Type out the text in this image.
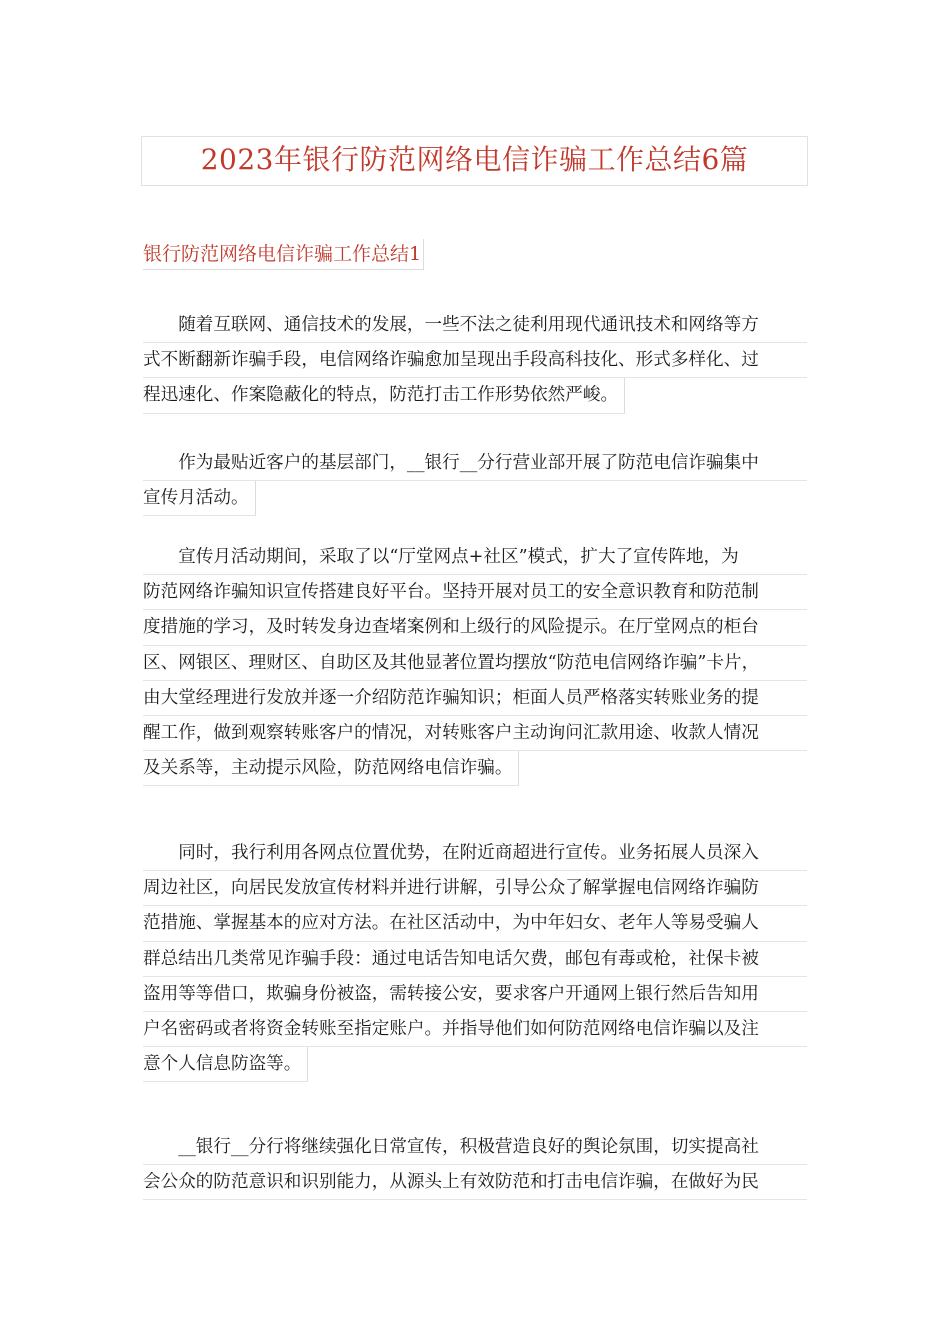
2023年银行防范网络电信诈骗工作总结6篇
银行防范网络电信诈骗工作总结1
随着互联网、通信技术的发展，一些不法之徒利用现代通讯技术和网络等方
式不断翻新诈骗手段，电信网络诈骗愈加呈现出手段高科技化、形式多样化、过
程迅速化、作案隐蔽化的特点，防范打击工作形势依然严峻。
作为最贴近客户的基层部门，__银行__分行营业部开展了防范电信诈骗集中
宣传月活动。
宣传月活动期间，采取了以“厅堂网点+社区”模式，扩大了宣传阵地，为
防范网络诈骗知识宣传搭建良好平台。坚持开展对员工的安全意识教育和防范制
度措施的学习，及时转发身边查堵案例和上级行的风险提示。在厅堂网点的柜台
区、网银区、理财区、自助区及其他显著位置均摆放“防范电信网络诈骗”卡片，
由大堂经理进行发放并逐一介绍防范诈骗知识；柜面人员严格落实转账业务的提
醒工作，做到观察转账客户的情况，对转账客户主动询问汇款用途、收款人情况
及关系等，主动提示风险，防范网络电信诈骗。
同时，我行利用各网点位置优势，在附近商超进行宣传。业务拓展人员深入
周边社区，向居民发放宣传材料并进行讲解，引导公众了解掌握电信网络诈骗防
范措施、掌握基本的应对方法。在社区活动中，为中年妇女、老年人等易受骗人
群总结出几类常见诈骗手段：通过电话告知电话欠费，邮包有毒或枪，社保卡被
盗用等等借口，欺骗身份被盗，需转接公安，要求客户开通网上银行然后告知用
户名密码或者将资金转账至指定账户。并指导他们如何防范网络电信诈骗以及注
意个人信息防盗等。
__银行__分行将继续强化日常宣传，积极营造良好的舆论氛围，切实提高社
会公众的防范意识和识别能力，从源头上有效防范和打击电信诈骗，在做好为民
